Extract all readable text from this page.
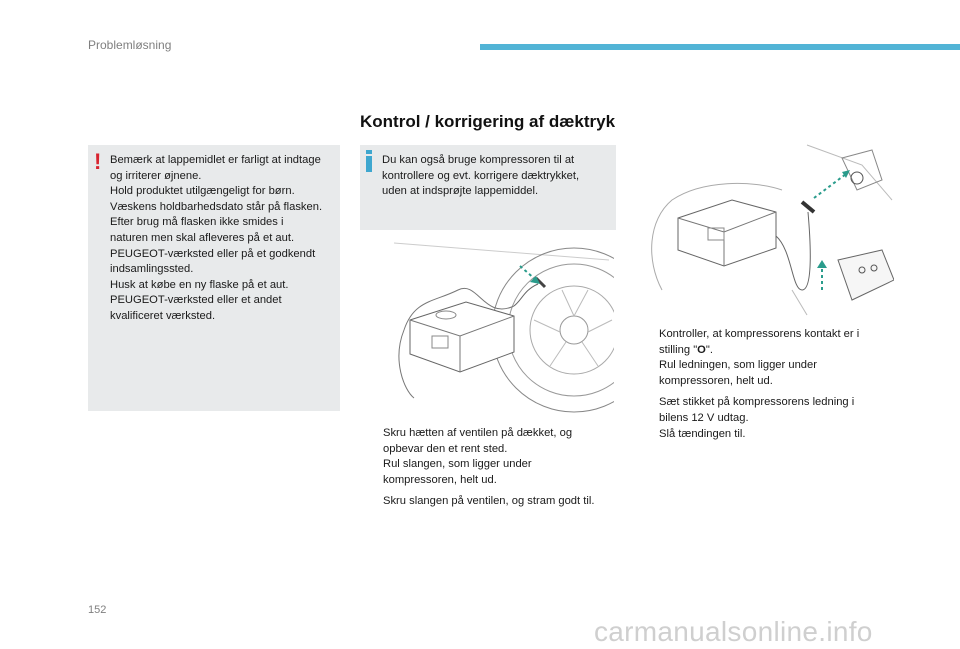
Problemløsning
Kontrol / korrigering af dæktryk
! Bemærk at lappemidlet er farligt at indtage
og irriterer øjnene.
Hold produktet utilgængeligt for børn.
Væskens holdbarhedsdato står på flasken.
Efter brug må flasken ikke smides i
naturen men skal afleveres på et aut.
PEUGEOT-værksted eller på et godkendt
indsamlingssted.
Husk at købe en ny flaske på et aut.
PEUGEOT-værksted eller et andet
kvalificeret værksted.
Du kan også bruge kompressoren til at
kontrollere og evt. korrigere dæktrykket,
uden at indsprøjte lappemiddel.
Skru hætten af ventilen på dækket, og
opbevar den et rent sted.
Rul slangen, som ligger under
kompressoren, helt ud.
Skru slangen på ventilen, og stram godt til.
Kontroller, at kompressorens kontakt er i
stilling "O".
Rul ledningen, som ligger under
kompressoren, helt ud.
Sæt stikket på kompressorens ledning i
bilens 12 V udtag.
Slå tændingen til.
152
carmanualsonline.info
